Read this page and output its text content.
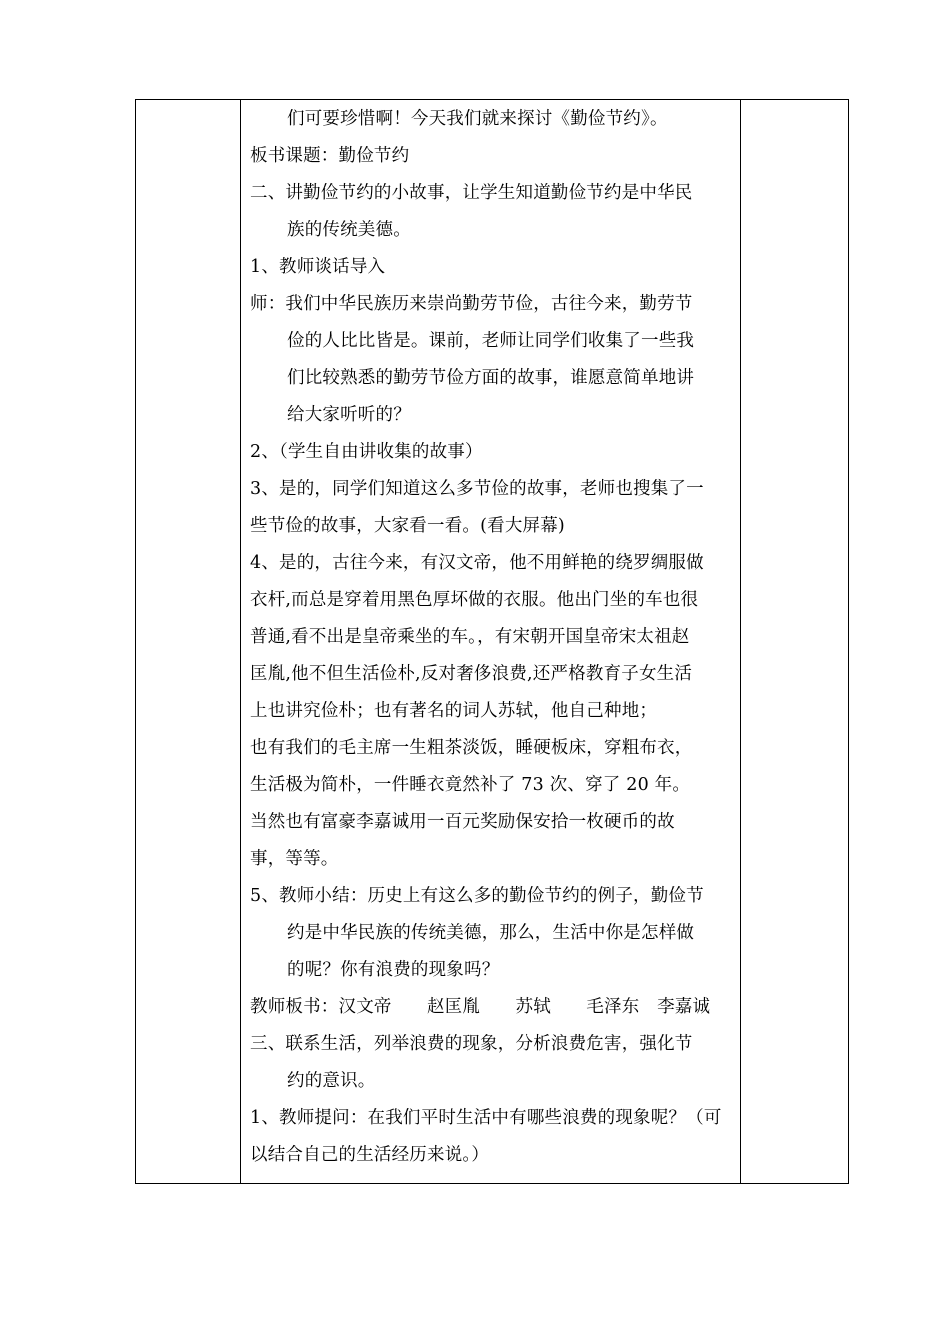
们可要珍惜啊！今天我们就来探讨《勤俭节约》。
板书课题：勤俭节约
二、讲勤俭节约的小故事，让学生知道勤俭节约是中华民
族的传统美德。
1、教师谈话导入
师：我们中华民族历来崇尚勤劳节俭，古往今来，勤劳节
俭的人比比皆是。课前，老师让同学们收集了一些我
们比较熟悉的勤劳节俭方面的故事，谁愿意简单地讲
给大家听听的？
2、（学生自由讲收集的故事）
3、是的，同学们知道这么多节俭的故事，老师也搜集了一
些节俭的故事，大家看一看。(看大屏幕)
4、是的，古往今来，有汉文帝，他不用鲜艳的绕罗绸服做
衣杆,而总是穿着用黑色厚坏做的衣服。他出门坐的车也很
普通,看不出是皇帝乘坐的车。，有宋朝开国皇帝宋太祖赵
匡胤,他不但生活俭朴,反对奢侈浪费,还严格教育子女生活
上也讲究俭朴；也有著名的词人苏轼，他自己种地；
也有我们的毛主席一生粗茶淡饭，睡硬板床，穿粗布衣，
生活极为简朴，一件睡衣竟然补了 73 次、穿了 20 年。
当然也有富豪李嘉诚用一百元奖励保安拾一枚硬币的故
事，等等。
5、教师小结：历史上有这么多的勤俭节约的例子，勤俭节
约是中华民族的传统美德，那么，生活中你是怎样做
的呢？你有浪费的现象吗？
教师板书：汉文帝　　赵匡胤　　苏轼　　毛泽东　李嘉诚
三、联系生活，列举浪费的现象，分析浪费危害，强化节
约的意识。
1、教师提问：在我们平时生活中有哪些浪费的现象呢？（可
以结合自己的生活经历来说。）
